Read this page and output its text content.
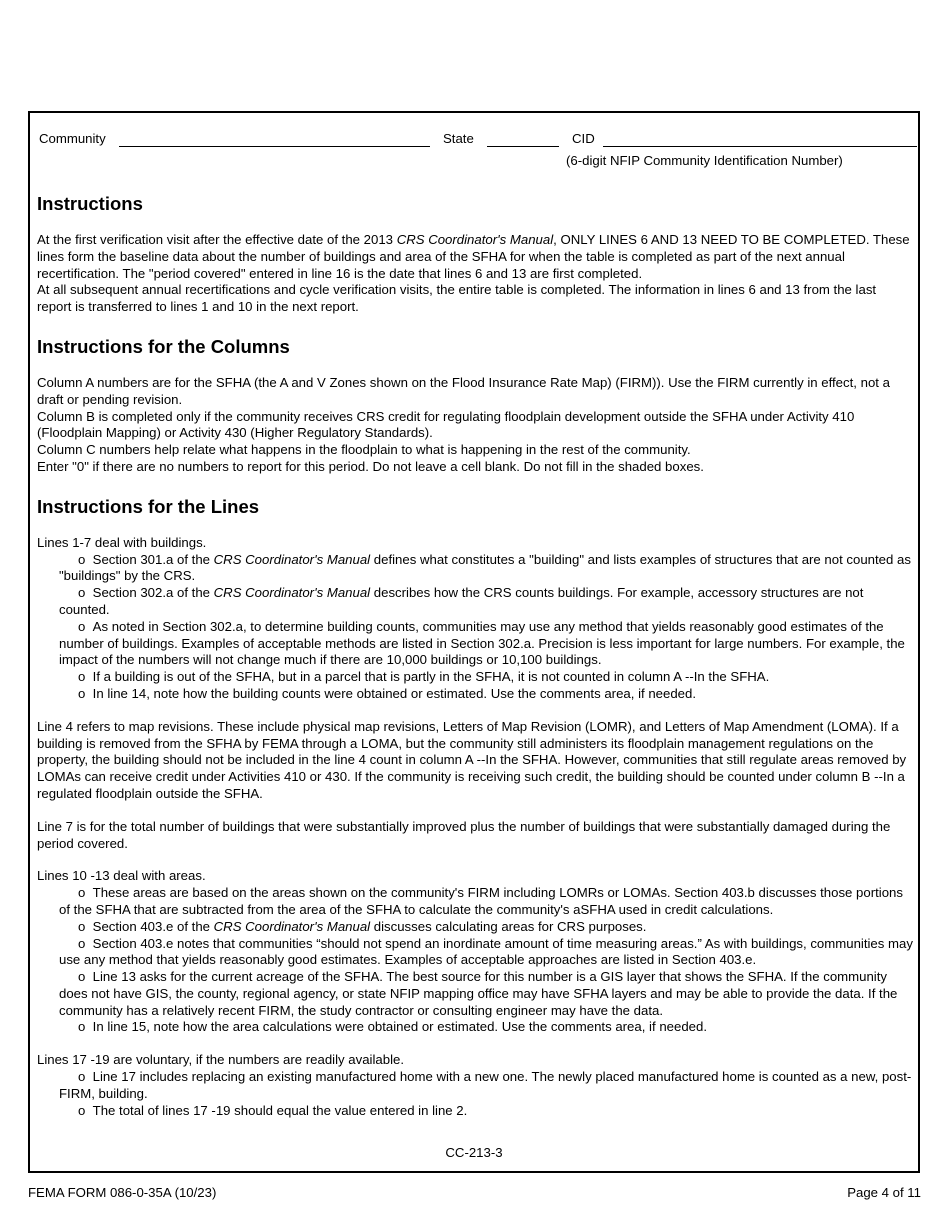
Community	State	CID
(6-digit NFIP Community Identification Number)
Instructions

At the first verification visit after the effective date of the 2013 CRS Coordinator's Manual, ONLY LINES 6 AND 13 NEED TO BE COMPLETED. These lines form the baseline data about the number of buildings and area of the SFHA for when the table is completed as part of the next annual recertification. The "period covered" entered in line 16 is the date that lines 6 and 13 are first completed.

At all subsequent annual recertifications and cycle verification visits, the entire table is completed. The information in lines 6 and 13 from the last report is transferred to lines 1 and 10 in the next report.

Instructions for the Columns

Column A numbers are for the SFHA (the A and V Zones shown on the Flood Insurance Rate Map) (FIRM)). Use the FIRM currently in effect, not a draft or pending revision.

Column B is completed only if the community receives CRS credit for regulating floodplain development outside the SFHA under Activity 410 (Floodplain Mapping) or Activity 430 (Higher Regulatory Standards).

Column C numbers help relate what happens in the floodplain to what is happening in the rest of the community.

Enter "0" if there are no numbers to report for this period. Do not leave a cell blank. Do not fill in the shaded boxes.

Instructions for the Lines

Lines 1-7 deal with buildings.

o Section 301.a of the CRS Coordinator's Manual defines what constitutes a "building" and lists examples of structures that are not counted as "buildings" by the CRS.
o Section 302.a of the CRS Coordinator's Manual describes how the CRS counts buildings. For example, accessory structures are not counted.
o As noted in Section 302.a, to determine building counts, communities may use any method that yields reasonably good estimates of the number of buildings. Examples of acceptable methods are listed in Section 302.a. Precision is less important for large numbers. For example, the impact of the numbers will not change much if there are 10,000 buildings or 10,100 buildings.
o If a building is out of the SFHA, but in a parcel that is partly in the SFHA, it is not counted in column A --In the SFHA.
o In line 14, note how the building counts were obtained or estimated. Use the comments area, if needed.

Line 4 refers to map revisions. These include physical map revisions, Letters of Map Revision (LOMR), and Letters of Map Amendment (LOMA). If a building is removed from the SFHA by FEMA through a LOMA, but the community still administers its floodplain management regulations on the property, the building should not be included in the line 4 count in column A --In the SFHA. However, communities that still regulate areas removed by LOMAs can receive credit under Activities 410 or 430. If the community is receiving such credit, the building should be counted under column B --In a regulated floodplain outside the SFHA.

Line 7 is for the total number of buildings that were substantially improved plus the number of buildings that were substantially damaged during the period covered.

Lines 10 -13 deal with areas.

o These areas are based on the areas shown on the community's FIRM including LOMRs or LOMAs. Section 403.b discusses those portions of the SFHA that are subtracted from the area of the SFHA to calculate the community's aSFHA used in credit calculations.
o Section 403.e of the CRS Coordinator's Manual discusses calculating areas for CRS purposes.
o Section 403.e notes that communities “should not spend an inordinate amount of time measuring areas.” As with buildings, communities may use any method that yields reasonably good estimates. Examples of acceptable approaches are listed in Section 403.e.
o Line 13 asks for the current acreage of the SFHA. The best source for this number is a GIS layer that shows the SFHA. If the community does not have GIS, the county, regional agency, or state NFIP mapping office may have SFHA layers and may be able to provide the data. If the community has a relatively recent FIRM, the study contractor or consulting engineer may have the data.
o In line 15, note how the area calculations were obtained or estimated. Use the comments area, if needed.

Lines 17 -19 are voluntary, if the numbers are readily available.

o Line 17 includes replacing an existing manufactured home with a new one. The newly placed manufactured home is counted as a new, post-FIRM, building.
o The total of lines 17 -19 should equal the value entered in line 2.
CC-213-3
FEMA FORM 086-0-35A (10/23)	Page 4 of 11
